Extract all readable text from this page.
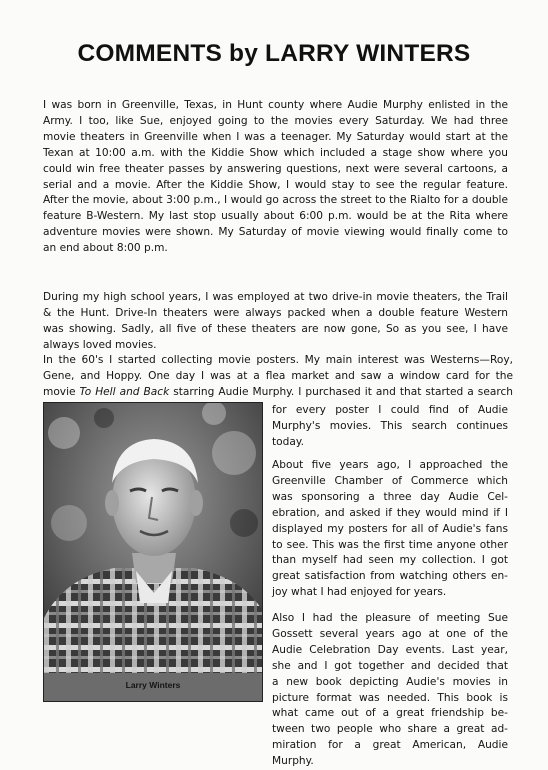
COMMENTS by LARRY WINTERS

I was born in Greenville, Texas, in Hunt county where Audie Murphy enlisted in the
Army. I too, like Sue, enjoyed going to the movies every Saturday. We had three
movie theaters in Greenville when I was a teenager. My Saturday would start at the
Texan at 10:00 a.m. with the Kiddie Show which included a stage show where you
could win free theater passes by answering questions, next were several cartoons, a
serial and a movie. After the Kiddie Show, I would stay to see the regular feature.
After the movie, about 3:00 p.m., I would go across the street to the Rialto for a double
feature B-Western. My last stop usually about 6:00 p.m. would be at the Rita where
adventure movies were shown. My Saturday of movie viewing would finally come to
an end about 8:00 p.m.

During my high school years, I was employed at two drive-in movie theaters, the Trail
& the Hunt. Drive-In theaters were always packed when a double feature Western
was showing. Sadly, all five of these theaters are now gone, So as you see, I have
always loved movies.

In the 60's I started collecting movie posters. My main interest was Westerns—Roy,
Gene, and Hoppy. One day I was at a flea market and saw a window card for the

movie To Hell and Back starring Audie Murphy. I purchased it and that started a search
Larry Winters

for every poster I could find of Audie
Murphy's movies. This search continues
today.

About five years ago, I approached the
Greenville Chamber of Commerce which
was sponsoring a three day Audie Cel-
ebration, and asked if they would mind if I
displayed my posters for all of Audie's fans
to see. This was the first time anyone other
than myself had seen my collection. I got
great satisfaction from watching others en-
joy what I had enjoyed for years.

Also I had the pleasure of meeting Sue
Gossett several years ago at one of the
Audie Celebration Day events. Last year,
she and I got together and decided that
a new book depicting Audie's movies in
picture format was needed. This book is
what came out of a great friendship be-
tween two people who share a great ad-
miration for a great American, Audie
Murphy.
